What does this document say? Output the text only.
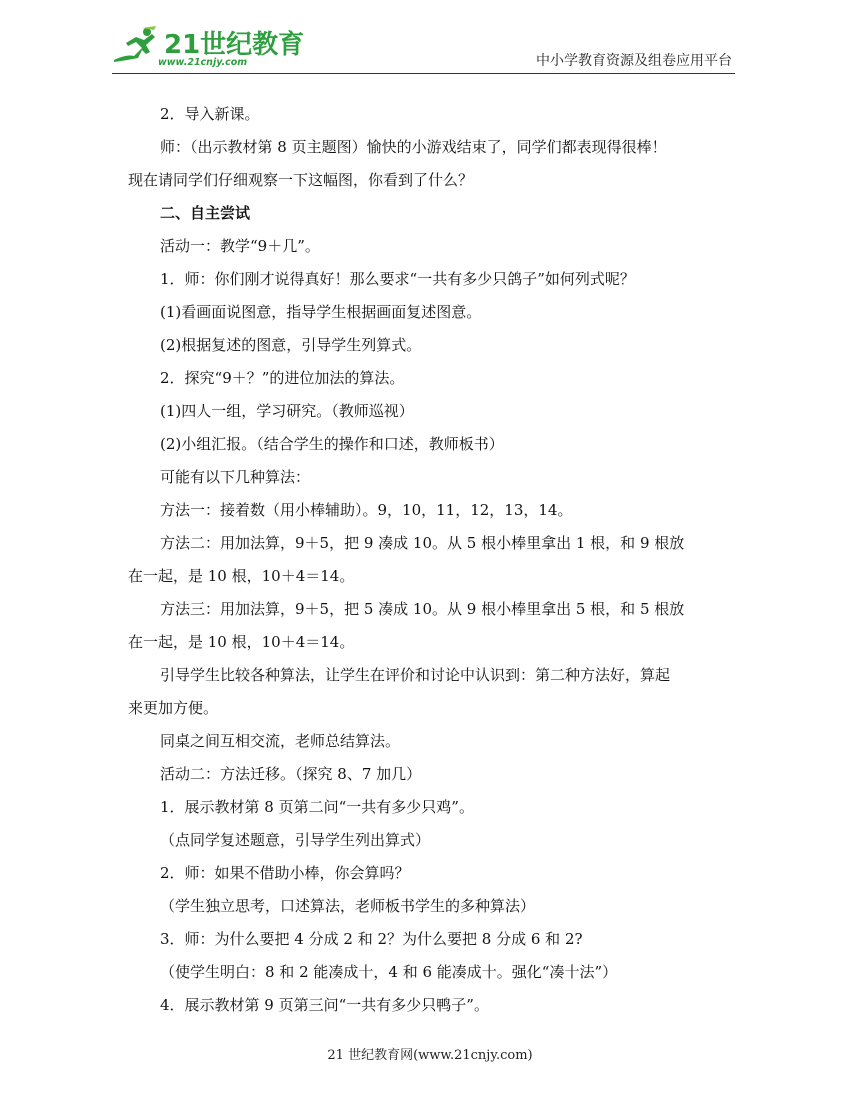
21世纪教育
www.21cnjy.com	中小学教育资源及组卷应用平台

2．导入新课。

师：（出示教材第 8 页主题图）愉快的小游戏结束了，同学们都表现得很棒！

现在请同学们仔细观察一下这幅图，你看到了什么？

二、自主尝试

活动一：教学“9＋几”。

1．师：你们刚才说得真好！那么要求“一共有多少只鸽子”如何列式呢？

(1)看画面说图意，指导学生根据画面复述图意。

(2)根据复述的图意，引导学生列算式。

2．探究“9＋？”的进位加法的算法。

(1)四人一组，学习研究。（教师巡视）

(2)小组汇报。（结合学生的操作和口述，教师板书）

可能有以下几种算法：

方法一：接着数（用小棒辅助）。9，10，11，12，13，14。

方法二：用加法算，9＋5，把 9 凑成 10。从 5 根小棒里拿出 1 根，和 9 根放

在一起，是 10 根，10＋4＝14。

方法三：用加法算，9＋5，把 5 凑成 10。从 9 根小棒里拿出 5 根，和 5 根放

在一起，是 10 根，10＋4＝14。

引导学生比较各种算法，让学生在评价和讨论中认识到：第二种方法好，算起

来更加方便。

同桌之间互相交流，老师总结算法。

活动二：方法迁移。（探究 8、7 加几）

1．展示教材第 8 页第二问“一共有多少只鸡”。

（点同学复述题意，引导学生列出算式）

2．师：如果不借助小棒，你会算吗？

（学生独立思考，口述算法，老师板书学生的多种算法）

3．师：为什么要把 4 分成 2 和 2？为什么要把 8 分成 6 和 2?

（使学生明白：8 和 2 能凑成十，4 和 6 能凑成十。强化“凑十法”）

4．展示教材第 9 页第三问“一共有多少只鸭子”。

21 世纪教育网(www.21cnjy.com)
